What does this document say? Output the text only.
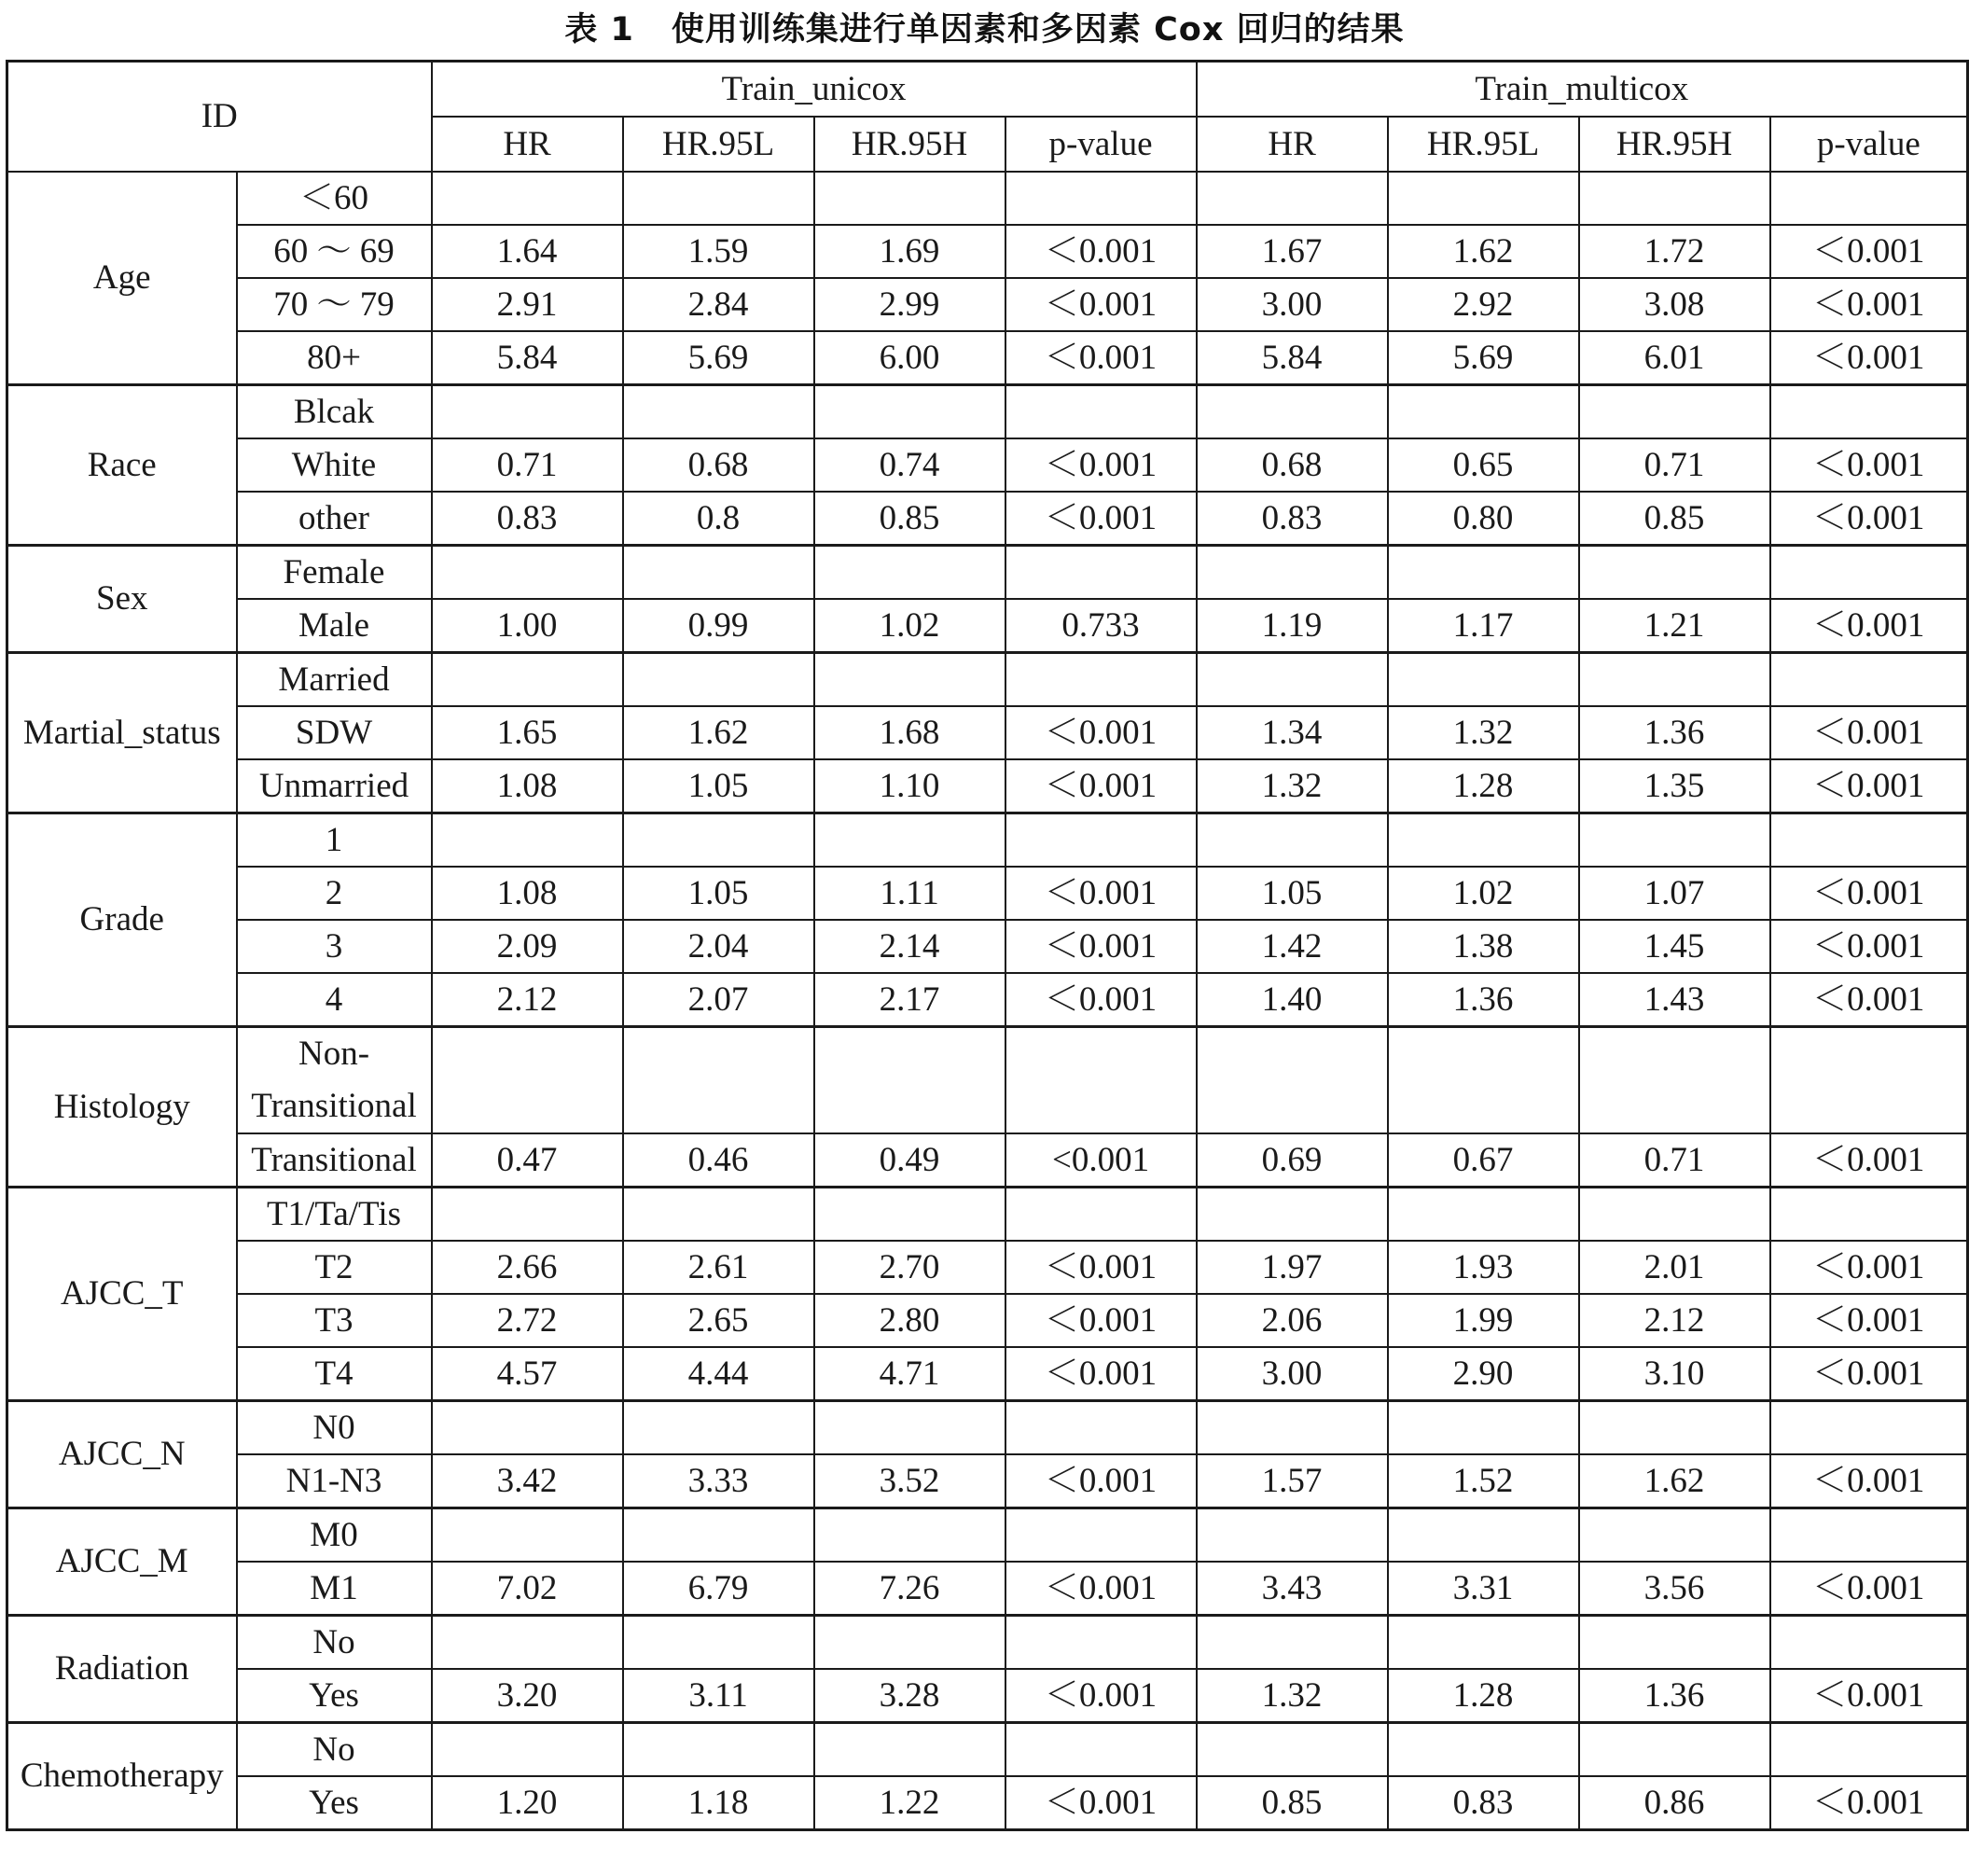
表 1 使用训练集进行单因素和多因素 Cox 回归的结果
ID		Train_unicox				Train_multicox			
		HR	HR.95L	HR.95H	p-value	HR	HR.95L	HR.95H	p-value
Age	＜60								
	60 ～ 69	1.64	1.59	1.69	＜0.001	1.67	1.62	1.72	＜0.001
	70 ～ 79	2.91	2.84	2.99	＜0.001	3.00	2.92	3.08	＜0.001
	80+	5.84	5.69	6.00	＜0.001	5.84	5.69	6.01	＜0.001
Race	Blcak								
	White	0.71	0.68	0.74	＜0.001	0.68	0.65	0.71	＜0.001
	other	0.83	0.8	0.85	＜0.001	0.83	0.80	0.85	＜0.001
Sex	Female								
	Male	1.00	0.99	1.02	0.733	1.19	1.17	1.21	＜0.001
Martial_status	Married								
	SDW	1.65	1.62	1.68	＜0.001	1.34	1.32	1.36	＜0.001
	Unmarried	1.08	1.05	1.10	＜0.001	1.32	1.28	1.35	＜0.001
Grade	1								
	2	1.08	1.05	1.11	＜0.001	1.05	1.02	1.07	＜0.001
	3	2.09	2.04	2.14	＜0.001	1.42	1.38	1.45	＜0.001
	4	2.12	2.07	2.17	＜0.001	1.40	1.36	1.43	＜0.001
Histology	Non-Transitional								
	Transitional	0.47	0.46	0.49	<0.001	0.69	0.67	0.71	＜0.001
AJCC_T	T1/Ta/Tis								
	T2	2.66	2.61	2.70	＜0.001	1.97	1.93	2.01	＜0.001
	T3	2.72	2.65	2.80	＜0.001	2.06	1.99	2.12	＜0.001
	T4	4.57	4.44	4.71	＜0.001	3.00	2.90	3.10	＜0.001
AJCC_N	N0								
	N1-N3	3.42	3.33	3.52	＜0.001	1.57	1.52	1.62	＜0.001
AJCC_M	M0								
	M1	7.02	6.79	7.26	＜0.001	3.43	3.31	3.56	＜0.001
Radiation	No								
	Yes	3.20	3.11	3.28	＜0.001	1.32	1.28	1.36	＜0.001
Chemotherapy	No								
	Yes	1.20	1.18	1.22	＜0.001	0.85	0.83	0.86	＜0.001
